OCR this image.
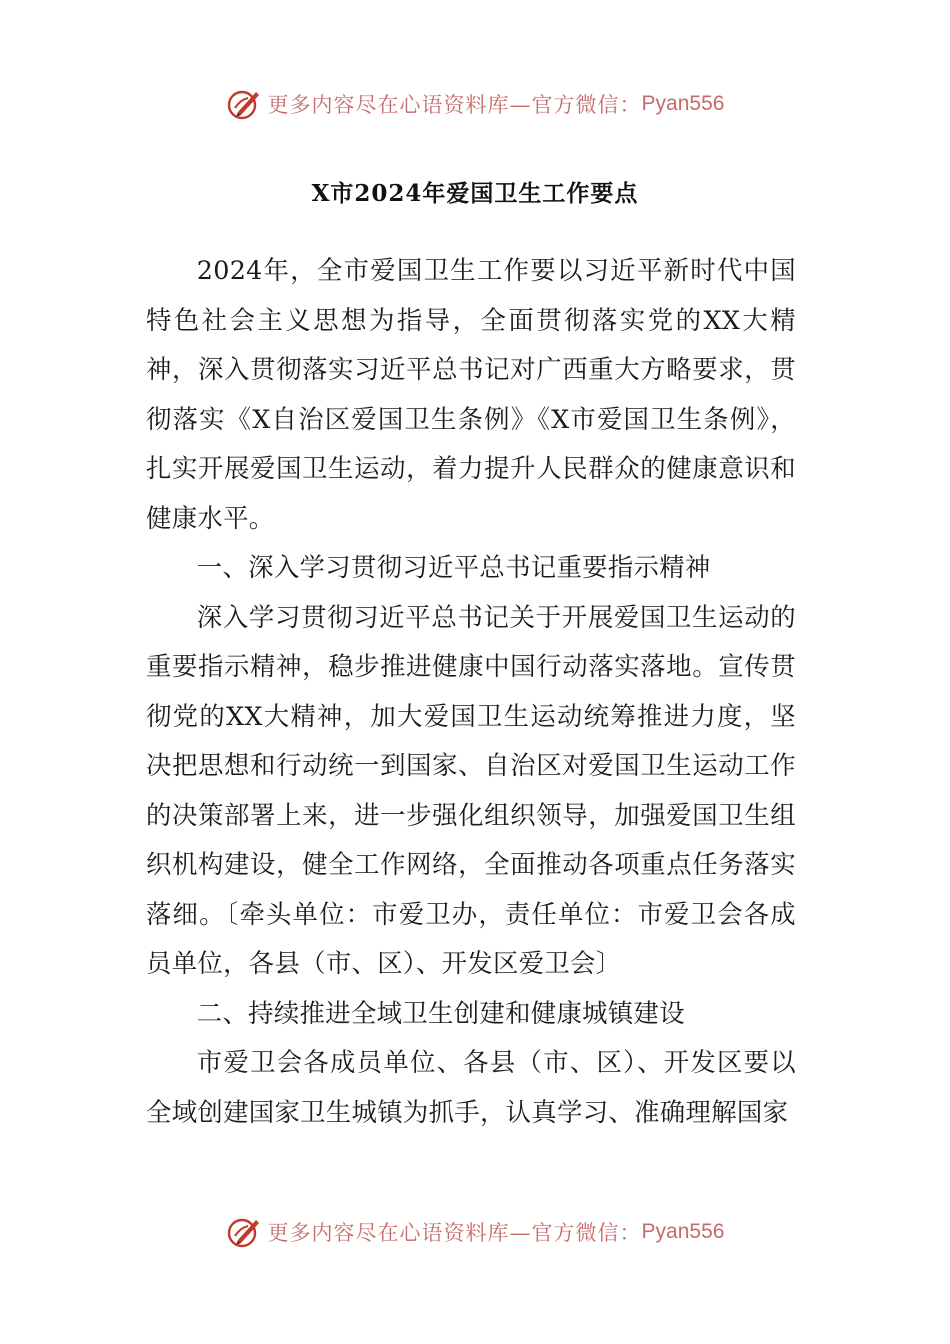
更多内容尽在心语资料库—官方微信： Pyan556
X市2024年爱国卫生工作要点

2024年，全市爱国卫生工作要以习近平新时代中国特色社会主义思想为指导，全面贯彻落实党的XX大精神，深入贯彻落实习近平总书记对广西重大方略要求，贯彻落实《X自治区爱国卫生条例》《X市爱国卫生条例》，扎实开展爱国卫生运动，着力提升人民群众的健康意识和健康水平。

一、深入学习贯彻习近平总书记重要指示精神

深入学习贯彻习近平总书记关于开展爱国卫生运动的重要指示精神，稳步推进健康中国行动落实落地。宣传贯彻党的XX大精神，加大爱国卫生运动统筹推进力度，坚决把思想和行动统一到国家、自治区对爱国卫生运动工作的决策部署上来，进一步强化组织领导，加强爱国卫生组织机构建设，健全工作网络，全面推动各项重点任务落实落细。〔牵头单位：市爱卫办，责任单位：市爱卫会各成员单位，各县（市、区）、开发区爱卫会〕

二、持续推进全域卫生创建和健康城镇建设

市爱卫会各成员单位、各县（市、区）、开发区要以全域创建国家卫生城镇为抓手，认真学习、准确理解国家

更多内容尽在心语资料库—官方微信： Pyan556
